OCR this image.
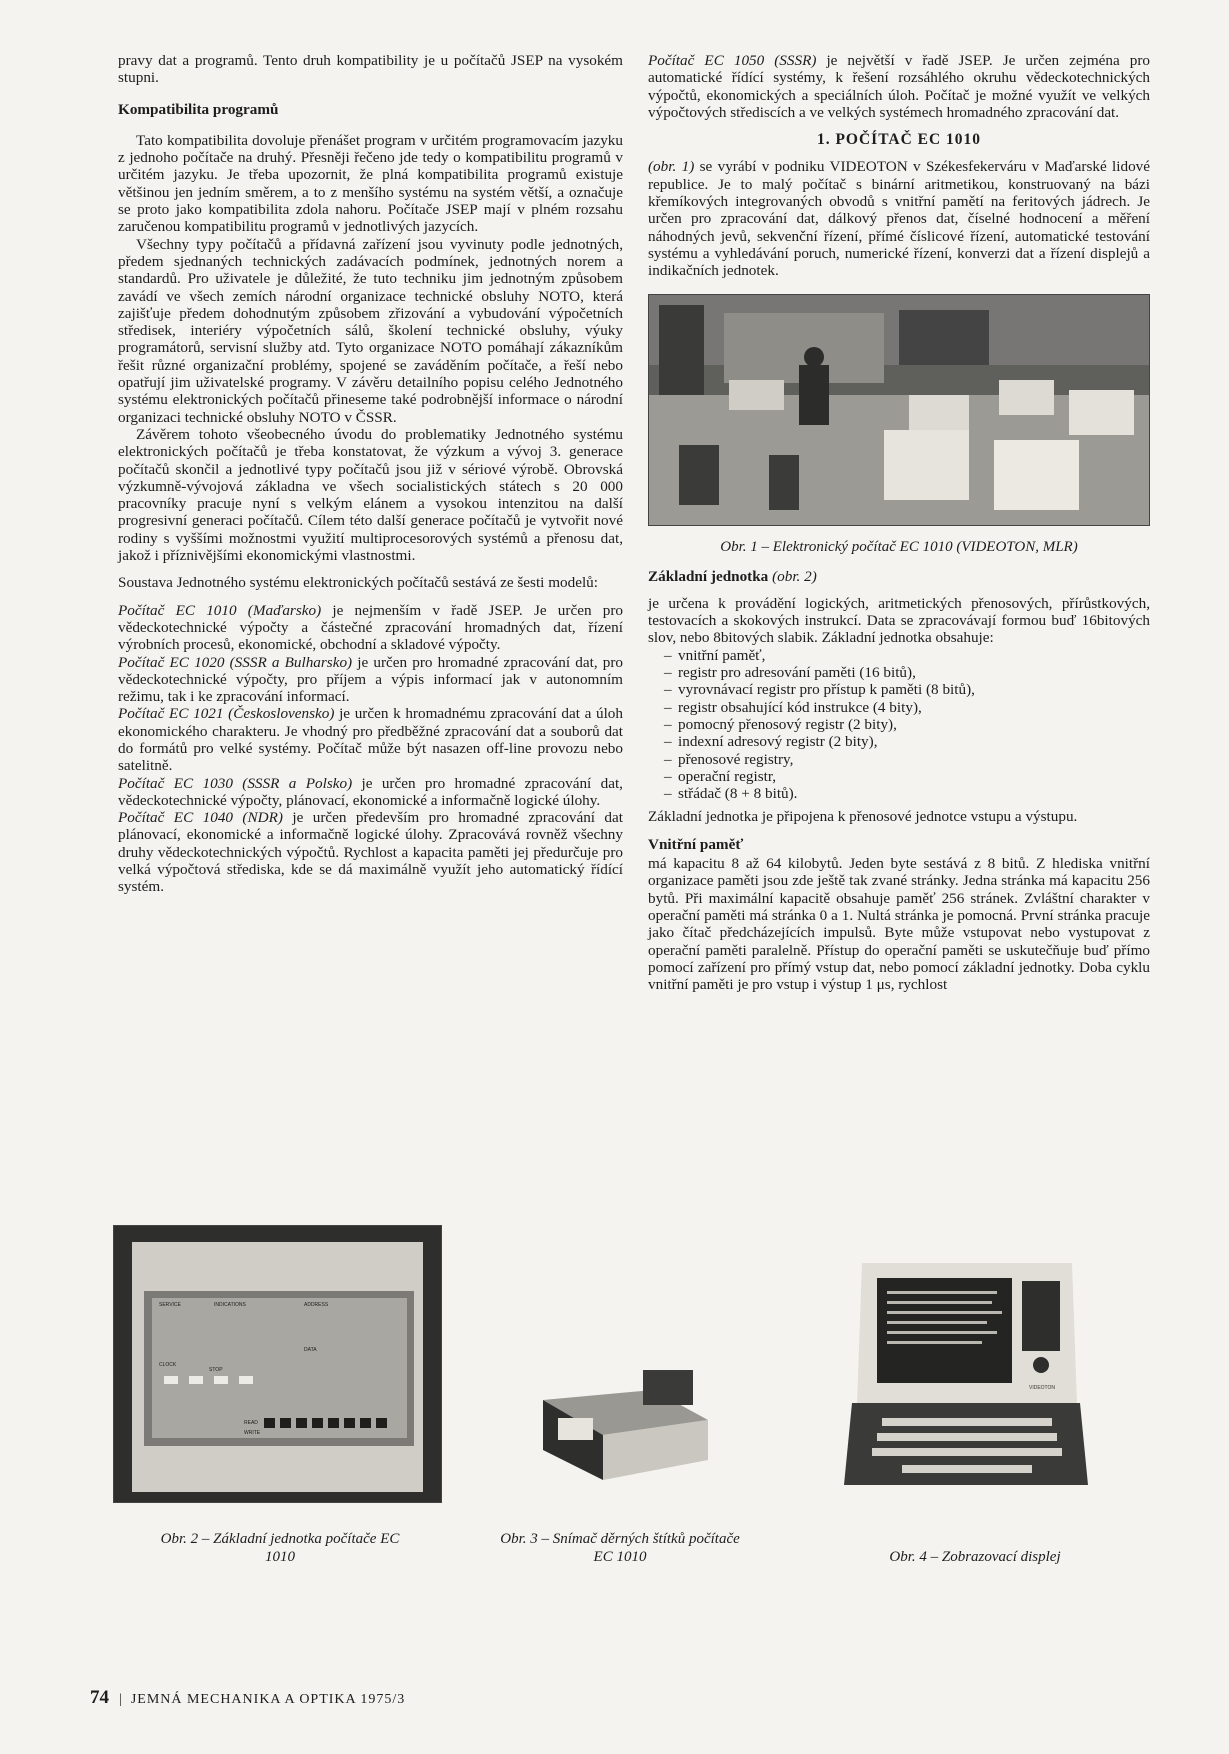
pravy dat a programů. Tento druh kompatibility je u počítačů JSEP na vysokém stupni.

Kompatibilita programů

Tato kompatibilita dovoluje přenášet program v určitém programovacím jazyku z jednoho počítače na druhý. Přesněji řečeno jde tedy o kompatibilitu programů v určitém jazyku. Je třeba upozornit, že plná kompatibilita programů existuje většinou jen jedním směrem, a to z menšího systému na systém větší, a označuje se proto jako kompatibilita zdola nahoru. Počítače JSEP mají v plném rozsahu zaručenou kompatibilitu programů v jednotlivých jazycích.

Všechny typy počítačů a přídavná zařízení jsou vyvinuty podle jednotných, předem sjednaných technických zadávacích podmínek, jednotných norem a standardů. Pro uživatele je důležité, že tuto techniku jim jednotným způsobem zavádí ve všech zemích národní organizace technické obsluhy NOTO, která zajišťuje předem dohodnutým způsobem zřizování a vybudování výpočetních středisek, interiéry výpočetních sálů, školení technické obsluhy, výuky programátorů, servisní služby atd. Tyto organizace NOTO pomáhají zákazníkům řešit různé organizační problémy, spojené se zaváděním počítače, a řeší nebo opatřují jim uživatelské programy. V závěru detailního popisu celého Jednotného systému elektronických počítačů přineseme také podrobnější informace o národní organizaci technické obsluhy NOTO v ČSSR.

Závěrem tohoto všeobecného úvodu do problematiky Jednotného systému elektronických počítačů je třeba konstatovat, že výzkum a vývoj 3. generace počítačů skončil a jednotlivé typy počítačů jsou již v sériové výrobě. Obrovská výzkumně-vývojová základna ve všech socialistických státech s 20 000 pracovníky pracuje nyní s velkým elánem a vysokou intenzitou na další progresivní generaci počítačů. Cílem této další generace počítačů je vytvořit nové rodiny s vyššími možnostmi využití multiprocesorových systémů a přenosu dat, jakož i příznivějšími ekonomickými vlastnostmi.

Soustava Jednotného systému elektronických počítačů sestává ze šesti modelů:

Počítač EC 1010 (Maďarsko) je nejmenším v řadě JSEP. Je určen pro vědeckotechnické výpočty a částečné zpracování hromadných dat, řízení výrobních procesů, ekonomické, obchodní a skladové výpočty.

Počítač EC 1020 (SSSR a Bulharsko) je určen pro hromadné zpracování dat, pro vědeckotechnické výpočty, pro příjem a výpis informací jak v autonomním režimu, tak i ke zpracování informací.

Počítač EC 1021 (Československo) je určen k hromadnému zpracování dat a úloh ekonomického charakteru. Je vhodný pro předběžné zpracování dat a souborů dat do formátů pro velké systémy. Počítač může být nasazen off-line provozu nebo satelitně.

Počítač EC 1030 (SSSR a Polsko) je určen pro hromadné zpracování dat, vědeckotechnické výpočty, plánovací, ekonomické a informačně logické úlohy.

Počítač EC 1040 (NDR) je určen především pro hromadné zpracování dat plánovací, ekonomické a informačně logické úlohy. Zpracovává rovněž všechny druhy vědeckotechnických výpočtů. Rychlost a kapacita paměti jej předurčuje pro velká výpočtová střediska, kde se dá maximálně využít jeho automatický řídící systém.

Počítač EC 1050 (SSSR) je největší v řadě JSEP. Je určen zejména pro automatické řídící systémy, k řešení rozsáhlého okruhu vědeckotechnických výpočtů, ekonomických a speciálních úloh. Počítač je možné využít ve velkých výpočtových střediscích a ve velkých systémech hromadného zpracování dat.

1. POČÍTAČ EC 1010

(obr. 1) se vyrábí v podniku VIDEOTON v Székesfekerváru v Maďarské lidové republice. Je to malý počítač s binární aritmetikou, konstruovaný na bázi křemíkových integrovaných obvodů s vnitřní pamětí na feritových jádrech. Je určen pro zpracování dat, dálkový přenos dat, číselné hodnocení a měření náhodných jevů, sekvenční řízení, přímé číslicové řízení, automatické testování systému a vyhledávání poruch, numerické řízení, konverzi dat a řízení displejů a indikačních jednotek.

Obr. 1 – Elektronický počítač EC 1010 (VIDEOTON, MLR)

Základní jednotka (obr. 2)

je určena k provádění logických, aritmetických přenosových, přírůstkových, testovacích a skokových instrukcí. Data se zpracovávají formou buď 16bitových slov, nebo 8bitových slabik. Základní jednotka obsahuje:

– vnitřní paměť,
– registr pro adresování paměti (16 bitů),
– vyrovnávací registr pro přístup k paměti (8 bitů),
– registr obsahující kód instrukce (4 bity),
– pomocný přenosový registr (2 bity),
– indexní adresový registr (2 bity),
– přenosové registry,
– operační registr,
– střádač (8 + 8 bitů).

Základní jednotka je připojena k přenosové jednotce vstupu a výstupu.

Vnitřní paměť

má kapacitu 8 až 64 kilobytů. Jeden byte sestává z 8 bitů. Z hlediska vnitřní organizace paměti jsou zde ještě tak zvané stránky. Jedna stránka má kapacitu 256 bytů. Při maximální kapacitě obsahuje paměť 256 stránek. Zvláštní charakter v operační paměti má stránka 0 a 1. Nultá stránka je pomocná. První stránka pracuje jako čítač předcházejících impulsů. Byte může vstupovat nebo vystupovat z operační paměti paralelně. Přístup do operační paměti se uskutečňuje buď přímo pomocí zařízení pro přímý vstup dat, nebo pomocí základní jednotky. Doba cyklu vnitřní paměti je pro vstup i výstup 1 μs, rychlost

SERVICE	INDICATIONS	ADDRESS
DATA
CLOCK
STOP
READ
WRITE

Obr. 2 – Základní jednotka počítače EC 1010

Obr. 3 – Snímač děrných štítků počítače EC 1010

VIDEOTON

Obr. 4 – Zobrazovací displej

74 | JEMNÁ MECHANIKA A OPTIKA 1975/3
